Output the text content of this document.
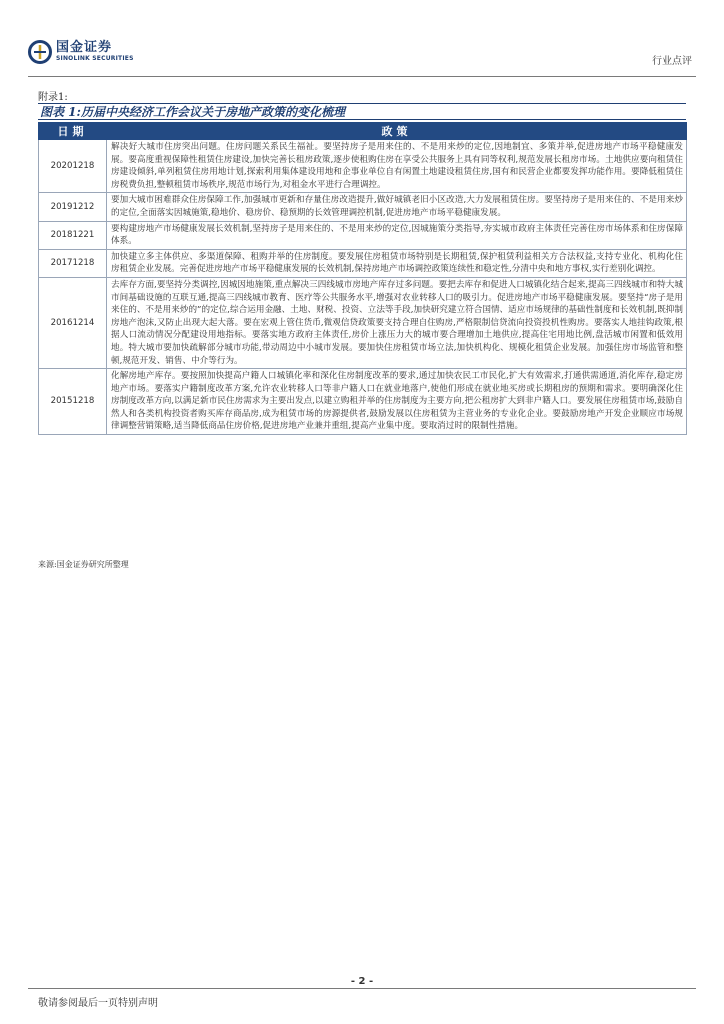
国金证券
SINOLINK SECURITIES	行业点评
附录1:
图表 1:历届中央经济工作会议关于房地产政策的变化梳理
日期	政策
20201218	解决好大城市住房突出问题。住房问题关系民生福祉。要坚持房子是用来住的、不是用来炒的定位,因地制宜、多策并举,促进房地产市场平稳健康发展。要高度重视保障性租赁住房建设,加快完善长租房政策,逐步使租购住房在享受公共服务上具有同等权利,规范发展长租房市场。土地供应要向租赁住房建设倾斜,单列租赁住房用地计划,探索利用集体建设用地和企事业单位自有闲置土地建设租赁住房,国有和民营企业都要发挥功能作用。要降低租赁住房税费负担,整顿租赁市场秩序,规范市场行为,对租金水平进行合理调控。
20191212	要加大城市困难群众住房保障工作,加强城市更新和存量住房改造提升,做好城镇老旧小区改造,大力发展租赁住房。要坚持房子是用来住的、不是用来炒的定位,全面落实因城施策,稳地价、稳房价、稳预期的长效管理调控机制,促进房地产市场平稳健康发展。
20181221	要构建房地产市场健康发展长效机制,坚持房子是用来住的、不是用来炒的定位,因城施策分类指导,夯实城市政府主体责任完善住房市场体系和住房保障体系。
20171218	加快建立多主体供应、多渠道保障、租购并举的住房制度。要发展住房租赁市场特别是长期租赁,保护租赁利益相关方合法权益,支持专业化、机构化住房租赁企业发展。完善促进房地产市场平稳健康发展的长效机制,保持房地产市场调控政策连续性和稳定性,分清中央和地方事权,实行差别化调控。
20161214	去库存方面,要坚持分类调控,因城因地施策,重点解决三四线城市房地产库存过多问题。要把去库存和促进人口城镇化结合起来,提高三四线城市和特大城市间基础设施的互联互通,提高三四线城市教育、医疗等公共服务水平,增强对农业转移人口的吸引力。促进房地产市场平稳健康发展。要坚持“房子是用来住的、不是用来炒的”的定位,综合运用金融、土地、财税、投资、立法等手段,加快研究建立符合国情、适应市场规律的基础性制度和长效机制,既抑制房地产泡沫,又防止出现大起大落。要在宏观上管住货币,微观信贷政策要支持合理自住购房,严格限制信贷流向投资投机性购房。要落实人地挂钩政策,根据人口流动情况分配建设用地指标。要落实地方政府主体责任,房价上涨压力大的城市要合理增加土地供应,提高住宅用地比例,盘活城市闲置和低效用地。特大城市要加快疏解部分城市功能,带动周边中小城市发展。要加快住房租赁市场立法,加快机构化、规模化租赁企业发展。加强住房市场监管和整顿,规范开发、销售、中介等行为。
20151218	化解房地产库存。要按照加快提高户籍人口城镇化率和深化住房制度改革的要求,通过加快农民工市民化,扩大有效需求,打通供需通道,消化库存,稳定房地产市场。要落实户籍制度改革方案,允许农业转移人口等非户籍人口在就业地落户,使他们形成在就业地买房或长期租房的预期和需求。要明确深化住房制度改革方向,以满足新市民住房需求为主要出发点,以建立购租并举的住房制度为主要方向,把公租房扩大到非户籍人口。要发展住房租赁市场,鼓励自然人和各类机构投资者购买库存商品房,成为租赁市场的房源提供者,鼓励发展以住房租赁为主营业务的专业化企业。要鼓励房地产开发企业顺应市场规律调整营销策略,适当降低商品住房价格,促进房地产业兼并重组,提高产业集中度。要取消过时的限制性措施。
来源:国金证券研究所整理
- 2 -
敬请参阅最后一页特别声明
